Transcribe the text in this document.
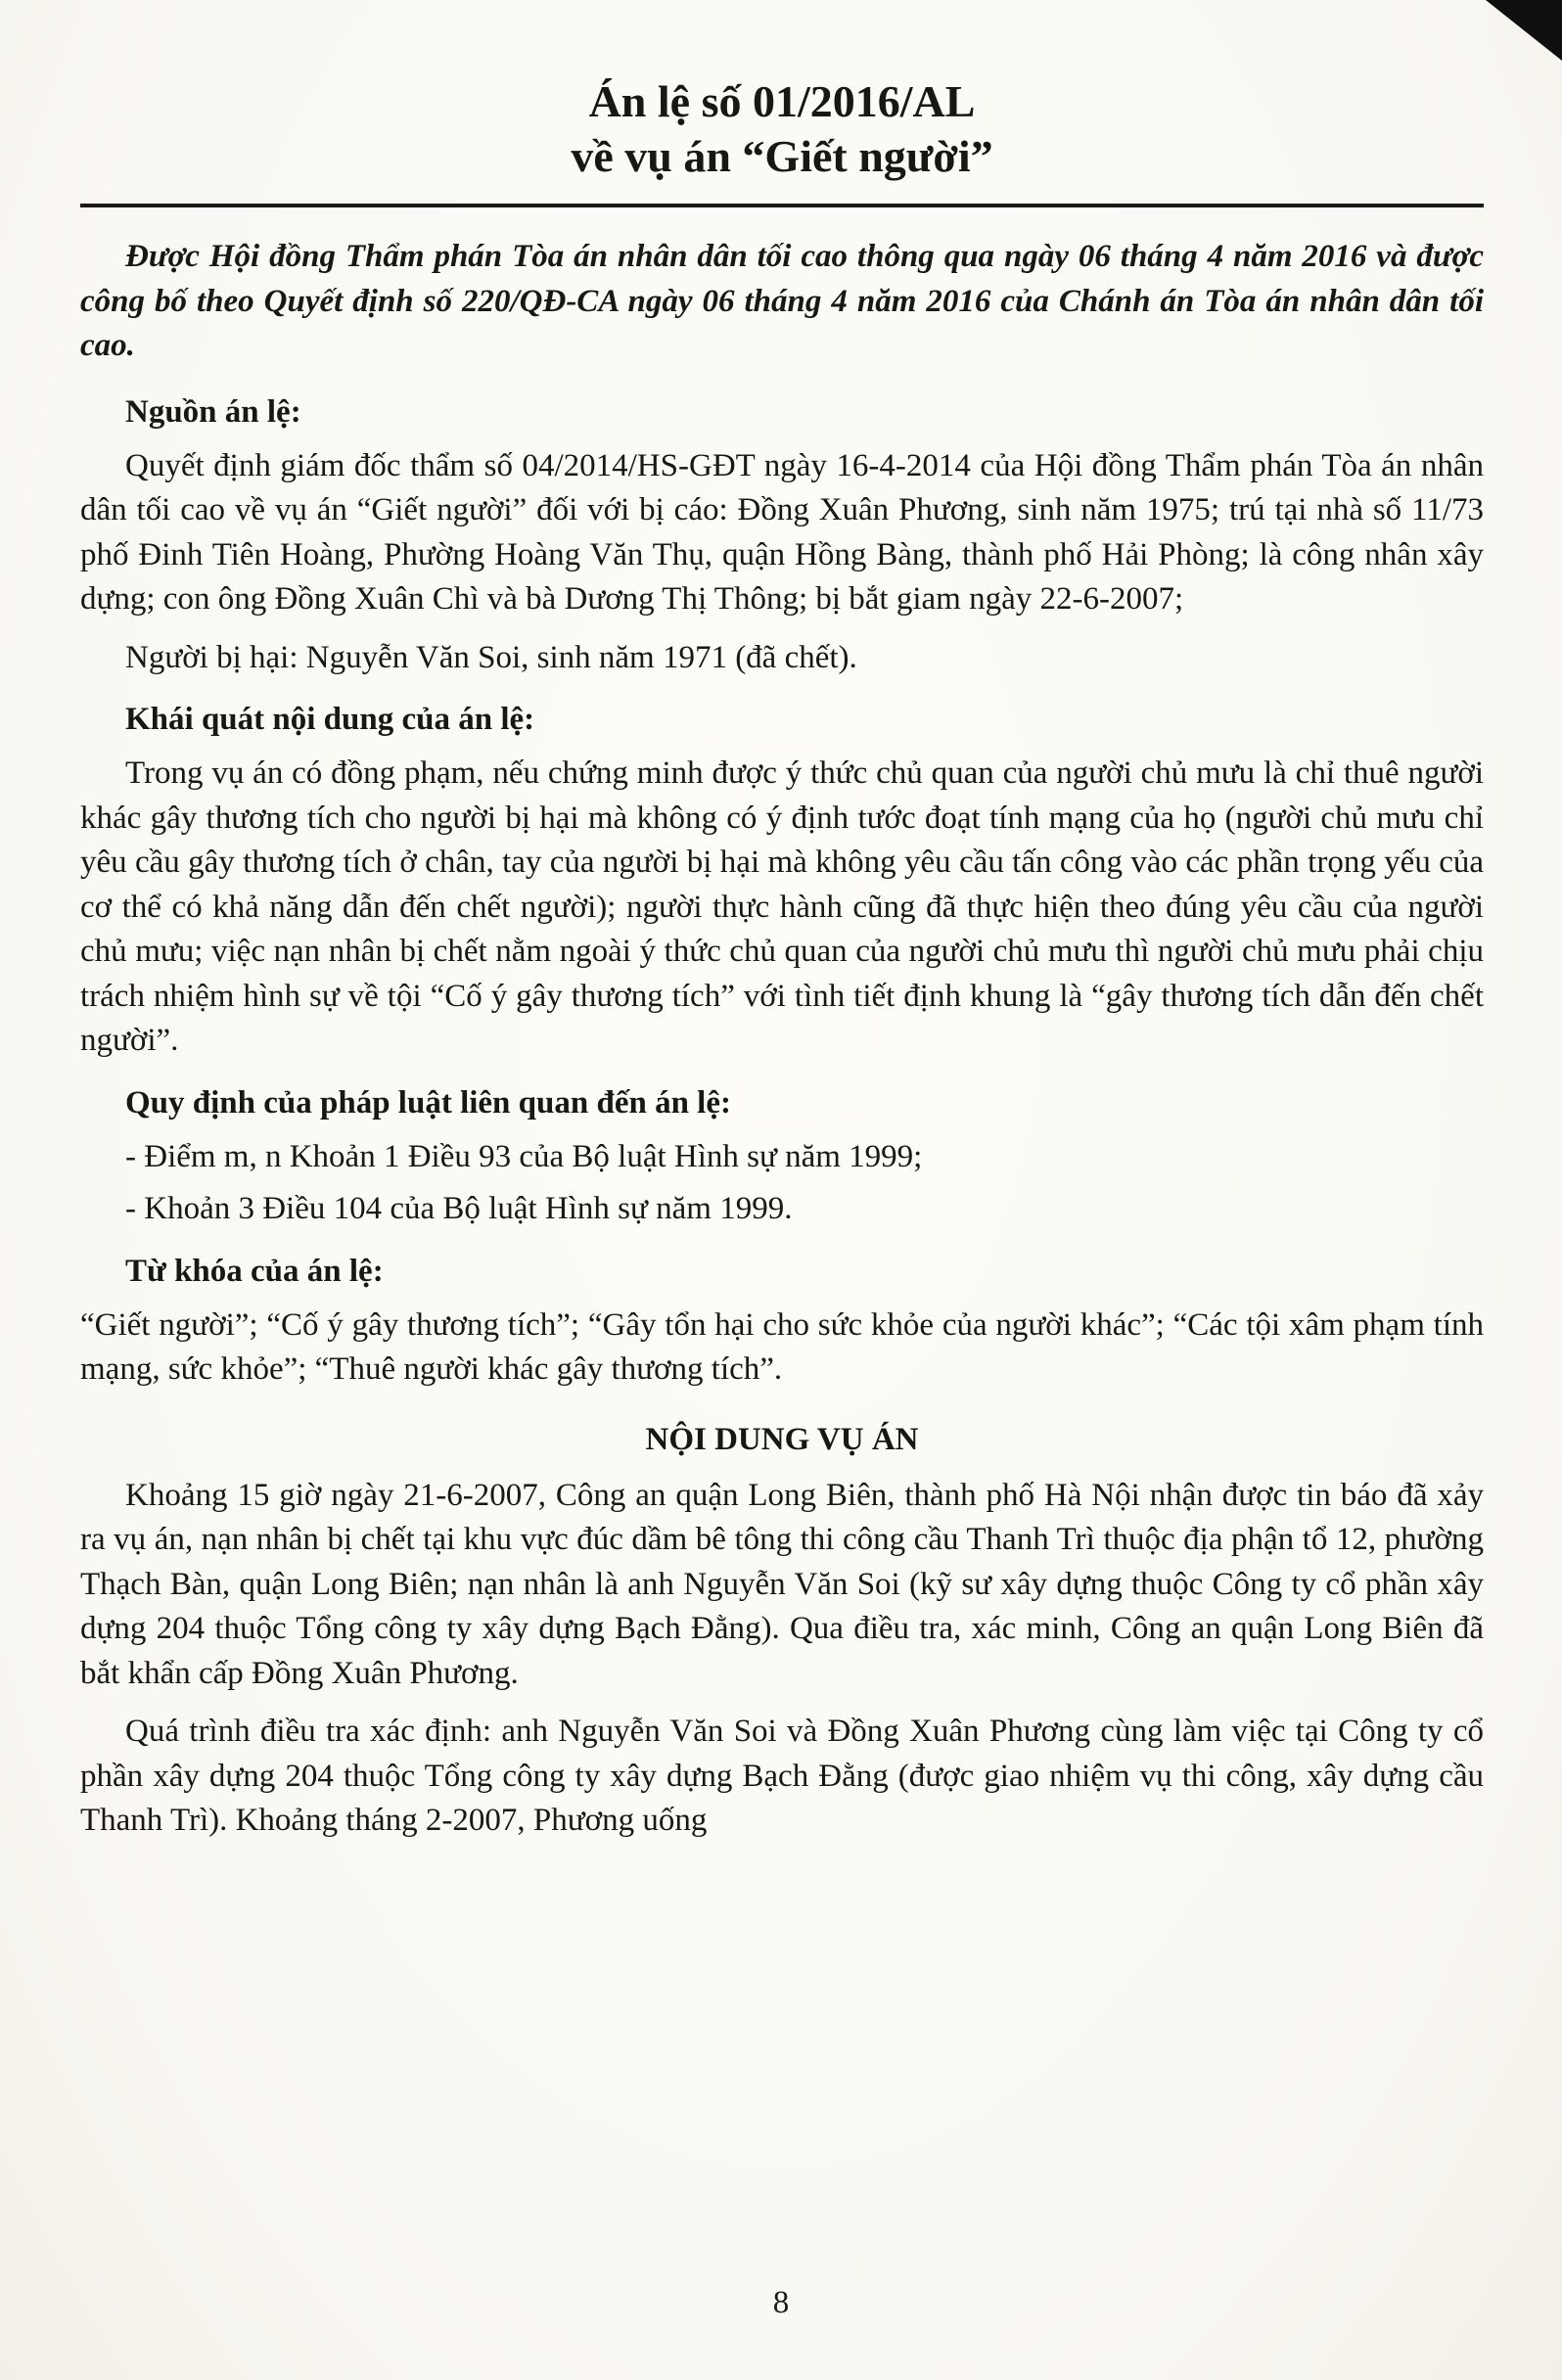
Án lệ số 01/2016/AL
về vụ án “Giết người”

Được Hội đồng Thẩm phán Tòa án nhân dân tối cao thông qua ngày 06 tháng 4 năm 2016 và được công bố theo Quyết định số 220/QĐ-CA ngày 06 tháng 4 năm 2016 của Chánh án Tòa án nhân dân tối cao.

Nguồn án lệ:

Quyết định giám đốc thẩm số 04/2014/HS-GĐT ngày 16-4-2014 của Hội đồng Thẩm phán Tòa án nhân dân tối cao về vụ án “Giết người” đối với bị cáo: Đồng Xuân Phương, sinh năm 1975; trú tại nhà số 11/73 phố Đinh Tiên Hoàng, Phường Hoàng Văn Thụ, quận Hồng Bàng, thành phố Hải Phòng; là công nhân xây dựng; con ông Đồng Xuân Chì và bà Dương Thị Thông; bị bắt giam ngày 22-6-2007;

Người bị hại: Nguyễn Văn Soi, sinh năm 1971 (đã chết).

Khái quát nội dung của án lệ:

Trong vụ án có đồng phạm, nếu chứng minh được ý thức chủ quan của người chủ mưu là chỉ thuê người khác gây thương tích cho người bị hại mà không có ý định tước đoạt tính mạng của họ (người chủ mưu chỉ yêu cầu gây thương tích ở chân, tay của người bị hại mà không yêu cầu tấn công vào các phần trọng yếu của cơ thể có khả năng dẫn đến chết người); người thực hành cũng đã thực hiện theo đúng yêu cầu của người chủ mưu; việc nạn nhân bị chết nằm ngoài ý thức chủ quan của người chủ mưu thì người chủ mưu phải chịu trách nhiệm hình sự về tội “Cố ý gây thương tích” với tình tiết định khung là “gây thương tích dẫn đến chết người”.

Quy định của pháp luật liên quan đến án lệ:

- Điểm m, n Khoản 1 Điều 93 của Bộ luật Hình sự năm 1999;

- Khoản 3 Điều 104 của Bộ luật Hình sự năm 1999.

Từ khóa của án lệ:

“Giết người”; “Cố ý gây thương tích”; “Gây tổn hại cho sức khỏe của người khác”; “Các tội xâm phạm tính mạng, sức khỏe”; “Thuê người khác gây thương tích”.

NỘI DUNG VỤ ÁN

Khoảng 15 giờ ngày 21-6-2007, Công an quận Long Biên, thành phố Hà Nội nhận được tin báo đã xảy ra vụ án, nạn nhân bị chết tại khu vực đúc dầm bê tông thi công cầu Thanh Trì thuộc địa phận tổ 12, phường Thạch Bàn, quận Long Biên; nạn nhân là anh Nguyễn Văn Soi (kỹ sư xây dựng thuộc Công ty cổ phần xây dựng 204 thuộc Tổng công ty xây dựng Bạch Đằng). Qua điều tra, xác minh, Công an quận Long Biên đã bắt khẩn cấp Đồng Xuân Phương.

Quá trình điều tra xác định: anh Nguyễn Văn Soi và Đồng Xuân Phương cùng làm việc tại Công ty cổ phần xây dựng 204 thuộc Tổng công ty xây dựng Bạch Đằng (được giao nhiệm vụ thi công, xây dựng cầu Thanh Trì). Khoảng tháng 2-2007, Phương uống

8
